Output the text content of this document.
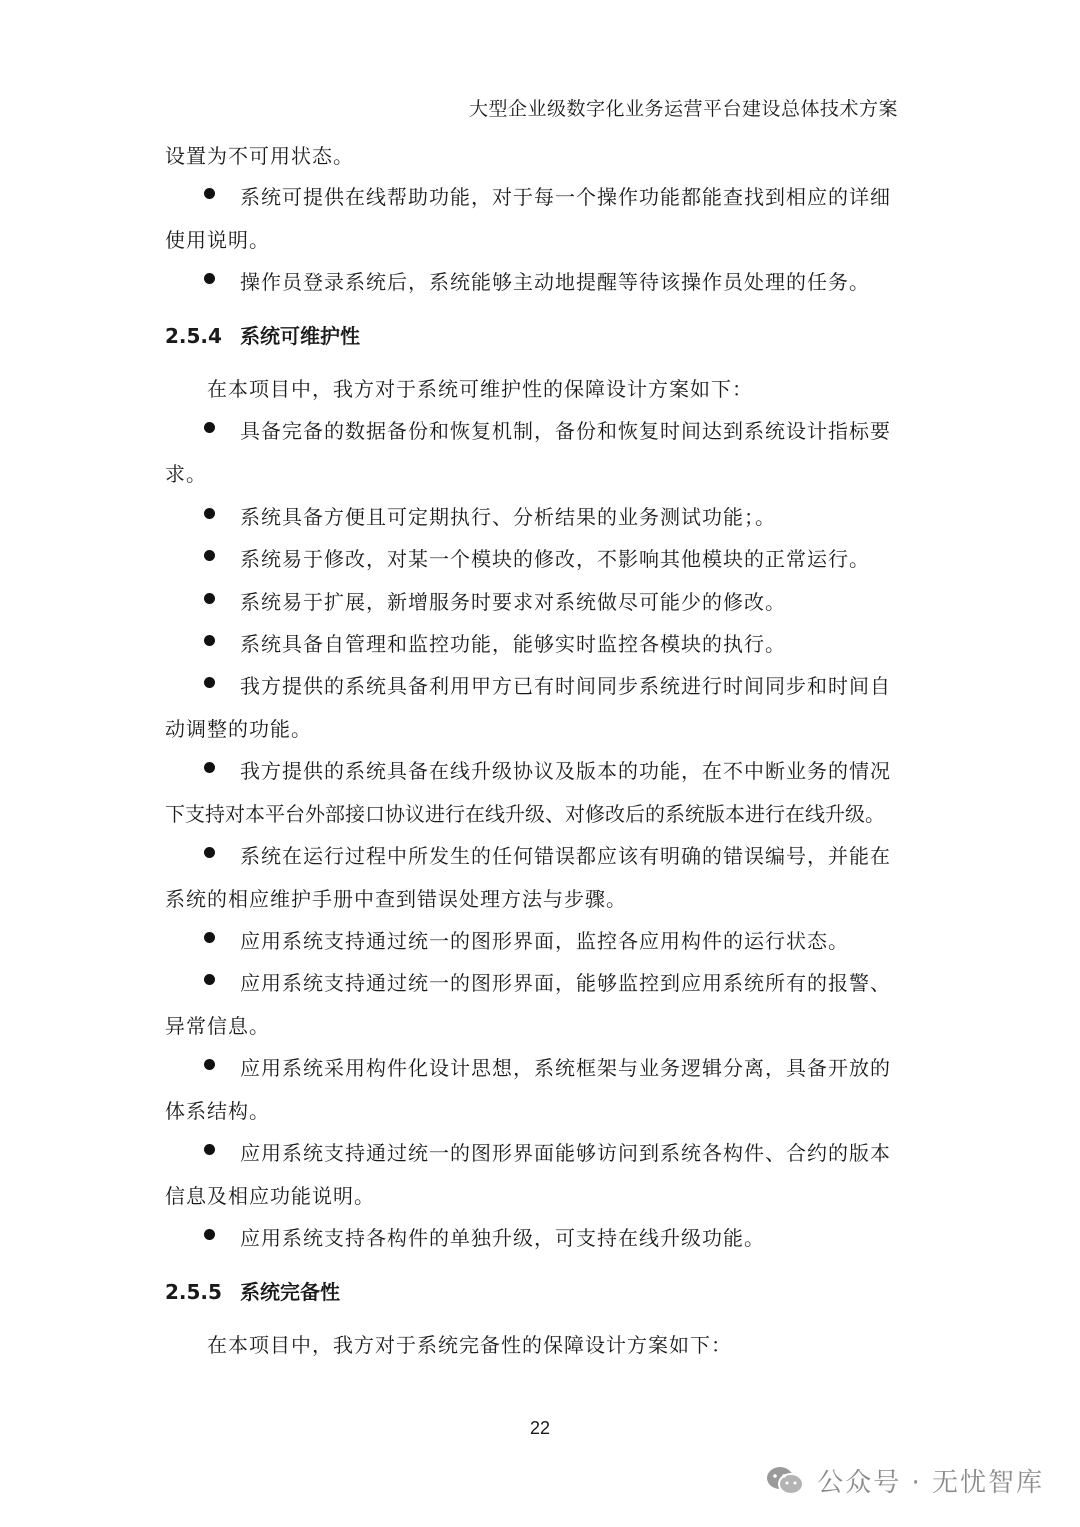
大型企业级数字化业务运营平台建设总体技术方案
设置为不可用状态。
系统可提供在线帮助功能，对于每一个操作功能都能查找到相应的详细
使用说明。
操作员登录系统后，系统能够主动地提醒等待该操作员处理的任务。
2.5.4 系统可维护性
在本项目中，我方对于系统可维护性的保障设计方案如下：
具备完备的数据备份和恢复机制，备份和恢复时间达到系统设计指标要
求。
系统具备方便且可定期执行、分析结果的业务测试功能；。
系统易于修改，对某一个模块的修改，不影响其他模块的正常运行。
系统易于扩展，新增服务时要求对系统做尽可能少的修改。
系统具备自管理和监控功能，能够实时监控各模块的执行。
我方提供的系统具备利用甲方已有时间同步系统进行时间同步和时间自
动调整的功能。
我方提供的系统具备在线升级协议及版本的功能，在不中断业务的情况
下支持对本平台外部接口协议进行在线升级、对修改后的系统版本进行在线升级。
系统在运行过程中所发生的任何错误都应该有明确的错误编号，并能在
系统的相应维护手册中查到错误处理方法与步骤。
应用系统支持通过统一的图形界面，监控各应用构件的运行状态。
应用系统支持通过统一的图形界面，能够监控到应用系统所有的报警、
异常信息。
应用系统采用构件化设计思想，系统框架与业务逻辑分离，具备开放的
体系结构。
应用系统支持通过统一的图形界面能够访问到系统各构件、合约的版本
信息及相应功能说明。
应用系统支持各构件的单独升级，可支持在线升级功能。
2.5.5 系统完备性
在本项目中，我方对于系统完备性的保障设计方案如下：
22
公众号 · 无忧智库
